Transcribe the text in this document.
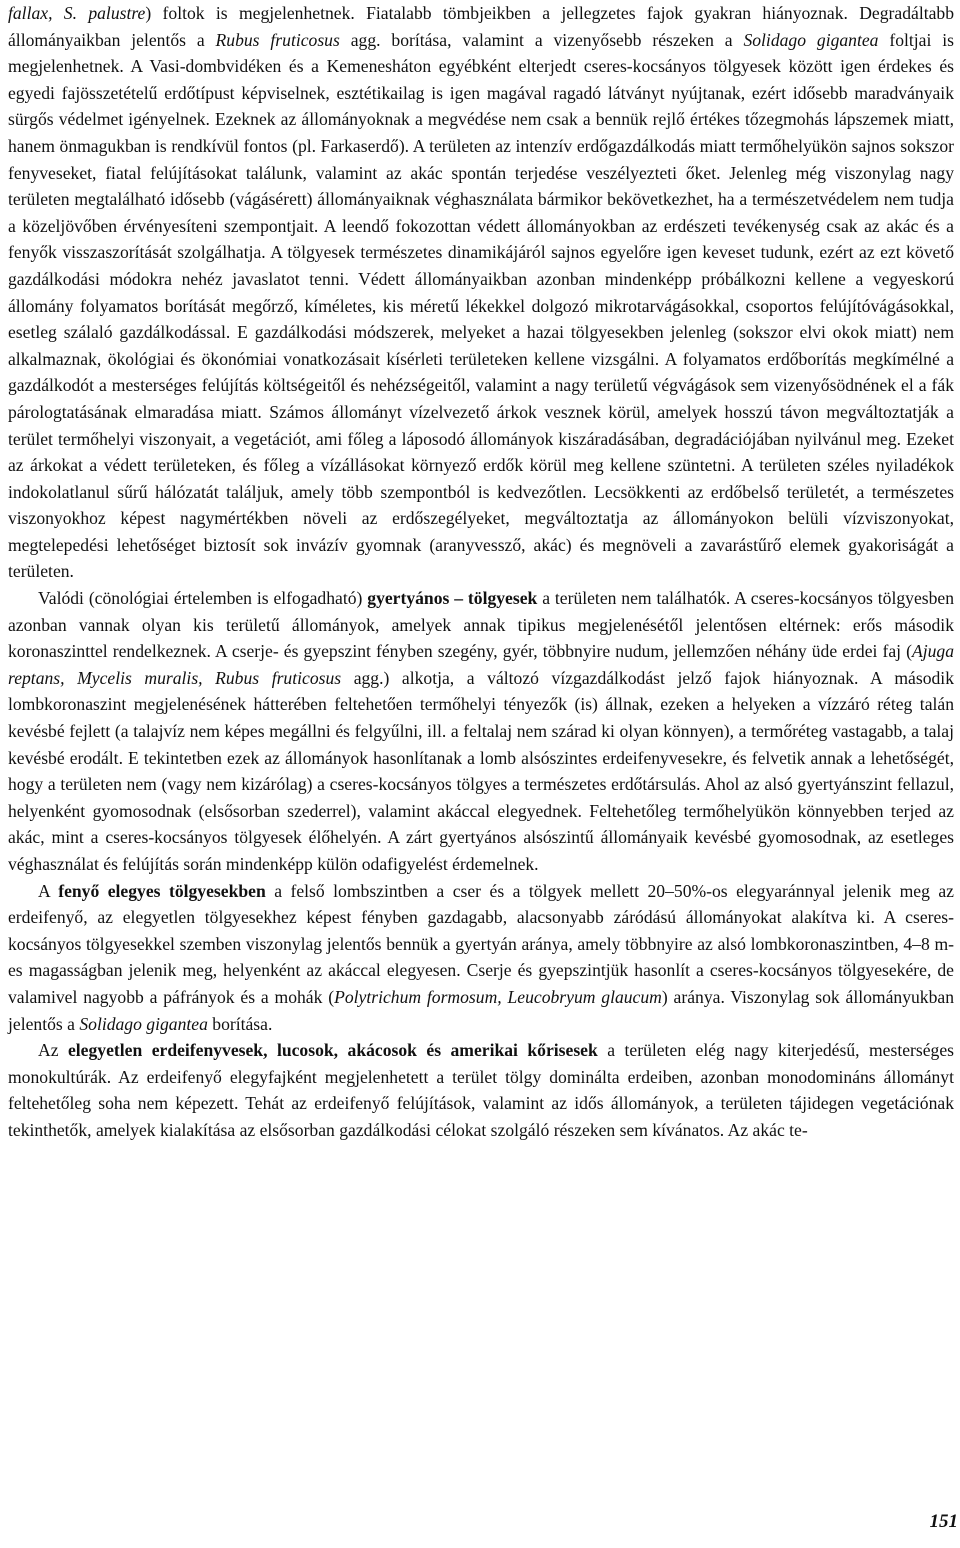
fallax, S. palustre) foltok is megjelenhetnek. Fiatalabb tömbjeikben a jellegzetes fajok gyakran hiányoznak. Degradáltabb állományaikban jelentős a Rubus fruticosus agg. borítása, valamint a vizenyősebb részeken a Solidago gigantea foltjai is megjelenhetnek. A Vasi-dombvidéken és a Kemenesháton egyébként elterjedt cseres-kocsányos tölgyesek között igen érdekes és egyedi fajösszetételű erdőtípust képviselnek, esztétikailag is igen magával ragadó látványt nyújtanak, ezért idősebb maradványaik sürgős védelmet igényelnek. Ezeknek az állományoknak a megvédése nem csak a bennük rejlő értékes tőzegmohás lápszemek miatt, hanem önmagukban is rendkívül fontos (pl. Farkaserdő). A területen az intenzív erdőgazdálkodás miatt termőhelyükön sajnos sokszor fenyveseket, fiatal felújításokat találunk, valamint az akác spontán terjedése veszélyezteti őket. Jelenleg még viszonylag nagy területen megtalálható idősebb (vágásérett) állományaiknak véghasználata bármikor bekövetkezhet, ha a természetvédelem nem tudja a közeljövőben érvényesíteni szempontjait. A leendő fokozottan védett állományokban az erdészeti tevékenység csak az akác és a fenyők visszaszorítását szolgálhatja. A tölgyesek természetes dinamikájáról sajnos egyelőre igen keveset tudunk, ezért az ezt követő gazdálkodási módokra nehéz javaslatot tenni. Védett állományaikban azonban mindenképp próbálkozni kellene a vegyeskorú állomány folyamatos borítását megőrző, kíméletes, kis méretű lékekkel dolgozó mikrotarvágásokkal, csoportos felújítóvágásokkal, esetleg szálaló gazdálkodással. E gazdálkodási módszerek, melyeket a hazai tölgyesekben jelenleg (sokszor elvi okok miatt) nem alkalmaznak, ökológiai és ökonómiai vonatkozásait kísérleti területeken kellene vizsgálni. A folyamatos erdőborítás megkímélné a gazdálkodót a mesterséges felújítás költségeitől és nehézségeitől, valamint a nagy területű végvágások sem vizenyősödnének el a fák párologtatásának elmaradása miatt. Számos állományt vízelvezető árkok vesznek körül, amelyek hosszú távon megváltoztatják a terület termőhelyi viszonyait, a vegetációt, ami főleg a láposodó állományok kiszáradásában, degradációjában nyilvánul meg. Ezeket az árkokat a védett területeken, és főleg a vízállásokat környező erdők körül meg kellene szüntetni. A területen széles nyiladékok indokolatlanul sűrű hálózatát találjuk, amely több szempontból is kedvezőtlen. Lecsökkenti az erdőbelső területét, a természetes viszonyokhoz képest nagymértékben növeli az erdőszegélyeket, megváltoztatja az állományokon belüli vízviszonyokat, megtelepedési lehetőséget biztosít sok invázív gyomnak (aranyvessző, akác) és megnöveli a zavarástűrő elemek gyakoriságát a területen.

Valódi (cönológiai értelemben is elfogadható) gyertyános – tölgyesek a területen nem találhatók. A cseres-kocsányos tölgyesben azonban vannak olyan kis területű állományok, amelyek annak tipikus megjelenésétől jelentősen eltérnek: erős második koronaszinttel rendelkeznek. A cserje- és gyepszint fényben szegény, gyér, többnyire nudum, jellemzően néhány üde erdei faj (Ajuga reptans, Mycelis muralis, Rubus fruticosus agg.) alkotja, a változó vízgazdálkodást jelző fajok hiányoznak. A második lombkoronaszint megjelenésének hátterében feltehetően termőhelyi tényezők (is) állnak, ezeken a helyeken a vízzáró réteg talán kevésbé fejlett (a talajvíz nem képes megállni és felgyűlni, ill. a feltalaj nem szárad ki olyan könnyen), a termőréteg vastagabb, a talaj kevésbé erodált. E tekintetben ezek az állományok hasonlítanak a lomb alsószintes erdeifenyvesekre, és felvetik annak a lehetőségét, hogy a területen nem (vagy nem kizárólag) a cseres-kocsányos tölgyes a természetes erdőtársulás. Ahol az alsó gyertyánszint fellazul, helyenként gyomosodnak (elsősorban szederrel), valamint akáccal elegyednek. Feltehetőleg termőhelyükön könnyebben terjed az akác, mint a cseres-kocsányos tölgyesek élőhelyén. A zárt gyertyános alsószintű állományaik kevésbé gyomosodnak, az esetleges véghasználat és felújítás során mindenképp külön odafigyelést érdemelnek.

A fenyő elegyes tölgyesekben a felső lombszintben a cser és a tölgyek mellett 20–50%-os elegyaránnyal jelenik meg az erdeifenyő, az elegyetlen tölgyesekhez képest fényben gazdagabb, alacsonyabb záródású állományokat alakítva ki. A cseres-kocsányos tölgyesekkel szemben viszonylag jelentős bennük a gyertyán aránya, amely többnyire az alsó lombkoronaszintben, 4–8 m-es magasságban jelenik meg, helyenként az akáccal elegyesen. Cserje és gyepszintjük hasonlít a cseres-kocsányos tölgyesekére, de valamivel nagyobb a páfrányok és a mohák (Polytrichum formosum, Leucobryum glaucum) aránya. Viszonylag sok állományukban jelentős a Solidago gigantea borítása.

Az elegyetlen erdeifenyvesek, lucosok, akácosok és amerikai kőrisesek a területen elég nagy kiterjedésű, mesterséges monokultúrák. Az erdeifenyő elegyfajként megjelenhetett a terület tölgy dominálta erdeiben, azonban monodomináns állományt feltehetőleg soha nem képezett. Tehát az erdeifenyő felújítások, valamint az idős állományok, a területen tájidegen vegetációnak tekinthetők, amelyek kialakítása az elsősorban gazdálkodási célokat szolgáló részeken sem kívánatos. Az akác te-

151
